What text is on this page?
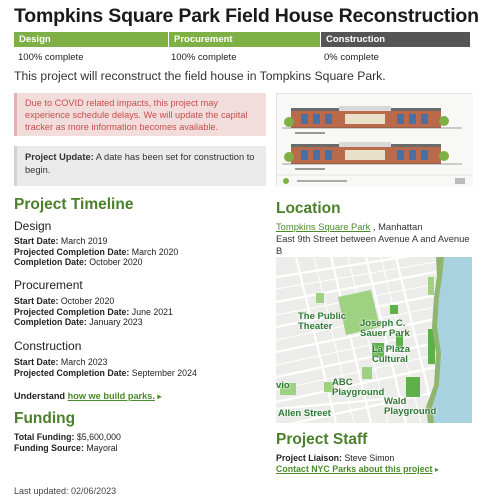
Tompkins Square Park Field House Reconstruction
Design	Procurement	Construction
100% complete	100% complete	0% complete
This project will reconstruct the field house in Tompkins Square Park.
Due to COVID related impacts, this project may experience schedule delays. We will update the capital tracker as more information becomes available.
Project Update: A date has been set for construction to begin.
Project Timeline
Design
Start Date: March 2019
Projected Completion Date: March 2020
Completion Date: October 2020
Procurement
Start Date: October 2020
Projected Completion Date: June 2021
Completion Date: January 2023
Construction
Start Date: March 2023
Projected Completion Date: September 2024
Understand how we build parks. ▸
Funding
Total Funding: $5,600,000
Funding Source: Mayoral
Last updated: 02/06/2023
Location
Tompkins Square Park , Manhattan
East 9th Street between Avenue A and Avenue B
The Public
Theater	Joseph C.
Sauer Park
La Plaza
Cultural
ABC
Playground
vio
Allen Street
Wald
Playground
Project Staff
Project Liaison: Steve Simon
Contact NYC Parks about this project ▸
